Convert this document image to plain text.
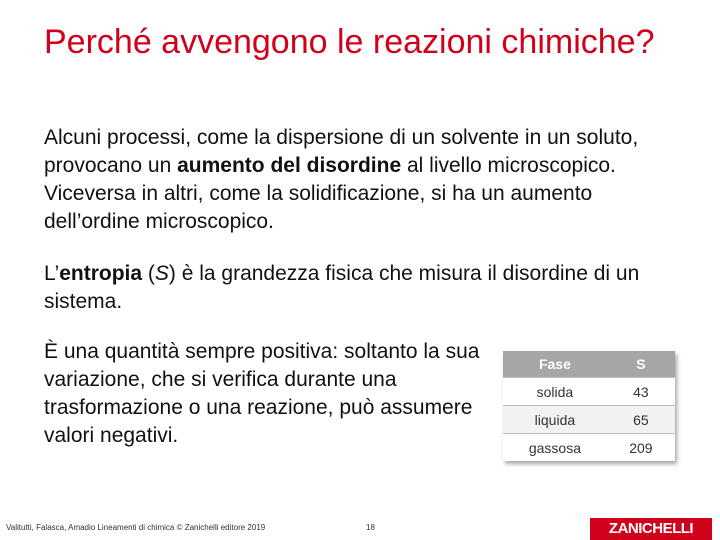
Perché avvengono le reazioni chimiche?
Alcuni processi, come la dispersione di un solvente in un soluto, provocano un aumento del disordine al livello microscopico. Viceversa in altri, come la solidificazione, si ha un aumento dell’ordine microscopico.
L’entropia (S) è la grandezza fisica che misura il disordine di un sistema.
È una quantità sempre positiva: soltanto la sua variazione, che si verifica durante una trasformazione o una reazione, può assumere valori negativi.
Fase	S
solida	43
liquida	65
gassosa	209
Valitutti, Falasca, Amadio Lineamenti di chimica © Zanichelli editore 2019	18	ZANICHELLI
